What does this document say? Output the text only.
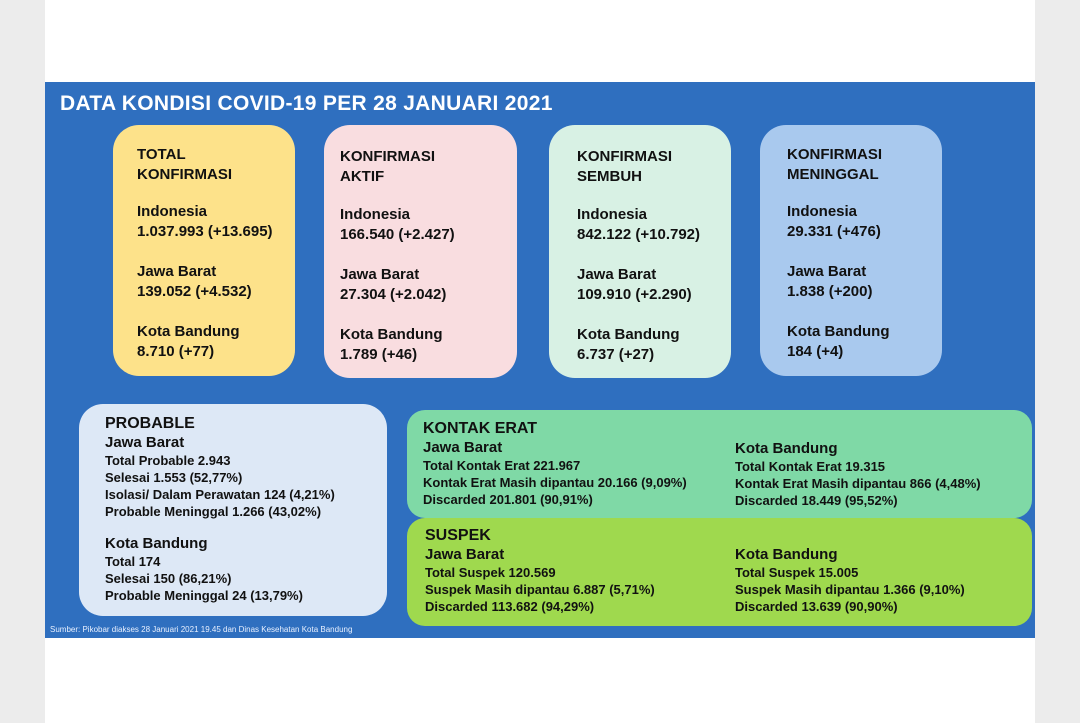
DATA KONDISI COVID-19 PER 28 JANUARI 2021
TOTAL
KONFIRMASI
Indonesia
1.037.993 (+13.695)
Jawa Barat
139.052 (+4.532)
Kota Bandung
8.710 (+77)
KONFIRMASI
AKTIF
Indonesia
166.540 (+2.427)
Jawa Barat
27.304 (+2.042)
Kota Bandung
1.789 (+46)
KONFIRMASI
SEMBUH
Indonesia
842.122 (+10.792)
Jawa Barat
109.910 (+2.290)
Kota Bandung
6.737 (+27)
KONFIRMASI
MENINGGAL
Indonesia
29.331 (+476)
Jawa Barat
1.838 (+200)
Kota Bandung
184 (+4)
PROBABLE
Jawa Barat
Total Probable 2.943
Selesai 1.553 (52,77%)
Isolasi/ Dalam Perawatan 124 (4,21%)
Probable Meninggal 1.266 (43,02%)
Kota Bandung
Total 174
Selesai 150 (86,21%)
Probable Meninggal 24 (13,79%)
KONTAK ERAT
Jawa Barat
Total Kontak Erat 221.967
Kontak Erat Masih dipantau 20.166 (9,09%)
Discarded 201.801 (90,91%)
Kota Bandung
Total Kontak Erat 19.315
Kontak Erat Masih dipantau 866 (4,48%)
Discarded 18.449 (95,52%)
SUSPEK
Jawa Barat
Total Suspek 120.569
Suspek Masih dipantau 6.887 (5,71%)
Discarded 113.682 (94,29%)
Kota Bandung
Total Suspek 15.005
Suspek Masih dipantau 1.366 (9,10%)
Discarded 13.639 (90,90%)
Sumber: Pikobar diakses 28 Januari 2021 19.45 dan Dinas Kesehatan Kota Bandung
